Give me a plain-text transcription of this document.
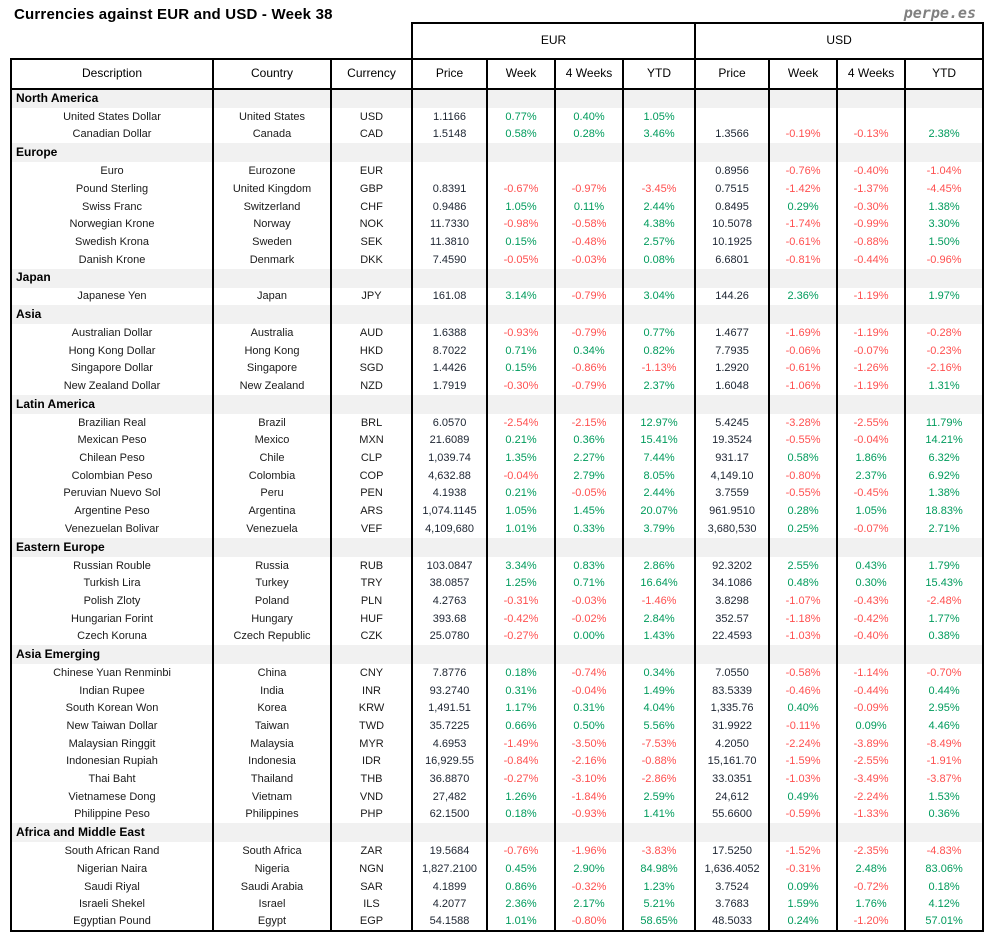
Currencies against EUR and USD - Week 38	perpe.es
			EUR				USD			
Description	Country	Currency	Price	Week	4 Weeks	YTD	Price	Week	4 Weeks	YTD
North America										
United States Dollar	United States	USD	1.1166	0.77%	0.40%	1.05%				
Canadian Dollar	Canada	CAD	1.5148	0.58%	0.28%	3.46%	1.3566	-0.19%	-0.13%	2.38%
Europe										
Euro	Eurozone	EUR					0.8956	-0.76%	-0.40%	-1.04%
Pound Sterling	United Kingdom	GBP	0.8391	-0.67%	-0.97%	-3.45%	0.7515	-1.42%	-1.37%	-4.45%
Swiss Franc	Switzerland	CHF	0.9486	1.05%	0.11%	2.44%	0.8495	0.29%	-0.30%	1.38%
Norwegian Krone	Norway	NOK	11.7330	-0.98%	-0.58%	4.38%	10.5078	-1.74%	-0.99%	3.30%
Swedish Krona	Sweden	SEK	11.3810	0.15%	-0.48%	2.57%	10.1925	-0.61%	-0.88%	1.50%
Danish Krone	Denmark	DKK	7.4590	-0.05%	-0.03%	0.08%	6.6801	-0.81%	-0.44%	-0.96%
Japan										
Japanese Yen	Japan	JPY	161.08	3.14%	-0.79%	3.04%	144.26	2.36%	-1.19%	1.97%
Asia										
Australian Dollar	Australia	AUD	1.6388	-0.93%	-0.79%	0.77%	1.4677	-1.69%	-1.19%	-0.28%
Hong Kong Dollar	Hong Kong	HKD	8.7022	0.71%	0.34%	0.82%	7.7935	-0.06%	-0.07%	-0.23%
Singapore Dollar	Singapore	SGD	1.4426	0.15%	-0.86%	-1.13%	1.2920	-0.61%	-1.26%	-2.16%
New Zealand Dollar	New Zealand	NZD	1.7919	-0.30%	-0.79%	2.37%	1.6048	-1.06%	-1.19%	1.31%
Latin America										
Brazilian Real	Brazil	BRL	6.0570	-2.54%	-2.15%	12.97%	5.4245	-3.28%	-2.55%	11.79%
Mexican Peso	Mexico	MXN	21.6089	0.21%	0.36%	15.41%	19.3524	-0.55%	-0.04%	14.21%
Chilean Peso	Chile	CLP	1,039.74	1.35%	2.27%	7.44%	931.17	0.58%	1.86%	6.32%
Colombian Peso	Colombia	COP	4,632.88	-0.04%	2.79%	8.05%	4,149.10	-0.80%	2.37%	6.92%
Peruvian Nuevo Sol	Peru	PEN	4.1938	0.21%	-0.05%	2.44%	3.7559	-0.55%	-0.45%	1.38%
Argentine Peso	Argentina	ARS	1,074.1145	1.05%	1.45%	20.07%	961.9510	0.28%	1.05%	18.83%
Venezuelan Bolivar	Venezuela	VEF	4,109,680	1.01%	0.33%	3.79%	3,680,530	0.25%	-0.07%	2.71%
Eastern Europe										
Russian Rouble	Russia	RUB	103.0847	3.34%	0.83%	2.86%	92.3202	2.55%	0.43%	1.79%
Turkish Lira	Turkey	TRY	38.0857	1.25%	0.71%	16.64%	34.1086	0.48%	0.30%	15.43%
Polish Zloty	Poland	PLN	4.2763	-0.31%	-0.03%	-1.46%	3.8298	-1.07%	-0.43%	-2.48%
Hungarian Forint	Hungary	HUF	393.68	-0.42%	-0.02%	2.84%	352.57	-1.18%	-0.42%	1.77%
Czech Koruna	Czech Republic	CZK	25.0780	-0.27%	0.00%	1.43%	22.4593	-1.03%	-0.40%	0.38%
Asia Emerging										
Chinese Yuan Renminbi	China	CNY	7.8776	0.18%	-0.74%	0.34%	7.0550	-0.58%	-1.14%	-0.70%
Indian Rupee	India	INR	93.2740	0.31%	-0.04%	1.49%	83.5339	-0.46%	-0.44%	0.44%
South Korean Won	Korea	KRW	1,491.51	1.17%	0.31%	4.04%	1,335.76	0.40%	-0.09%	2.95%
New Taiwan Dollar	Taiwan	TWD	35.7225	0.66%	0.50%	5.56%	31.9922	-0.11%	0.09%	4.46%
Malaysian Ringgit	Malaysia	MYR	4.6953	-1.49%	-3.50%	-7.53%	4.2050	-2.24%	-3.89%	-8.49%
Indonesian Rupiah	Indonesia	IDR	16,929.55	-0.84%	-2.16%	-0.88%	15,161.70	-1.59%	-2.55%	-1.91%
Thai Baht	Thailand	THB	36.8870	-0.27%	-3.10%	-2.86%	33.0351	-1.03%	-3.49%	-3.87%
Vietnamese Dong	Vietnam	VND	27,482	1.26%	-1.84%	2.59%	24,612	0.49%	-2.24%	1.53%
Philippine Peso	Philippines	PHP	62.1500	0.18%	-0.93%	1.41%	55.6600	-0.59%	-1.33%	0.36%
Africa and Middle East										
South African Rand	South Africa	ZAR	19.5684	-0.76%	-1.96%	-3.83%	17.5250	-1.52%	-2.35%	-4.83%
Nigerian Naira	Nigeria	NGN	1,827.2100	0.45%	2.90%	84.98%	1,636.4052	-0.31%	2.48%	83.06%
Saudi Riyal	Saudi Arabia	SAR	4.1899	0.86%	-0.32%	1.23%	3.7524	0.09%	-0.72%	0.18%
Israeli Shekel	Israel	ILS	4.2077	2.36%	2.17%	5.21%	3.7683	1.59%	1.76%	4.12%
Egyptian Pound	Egypt	EGP	54.1588	1.01%	-0.80%	58.65%	48.5033	0.24%	-1.20%	57.01%
